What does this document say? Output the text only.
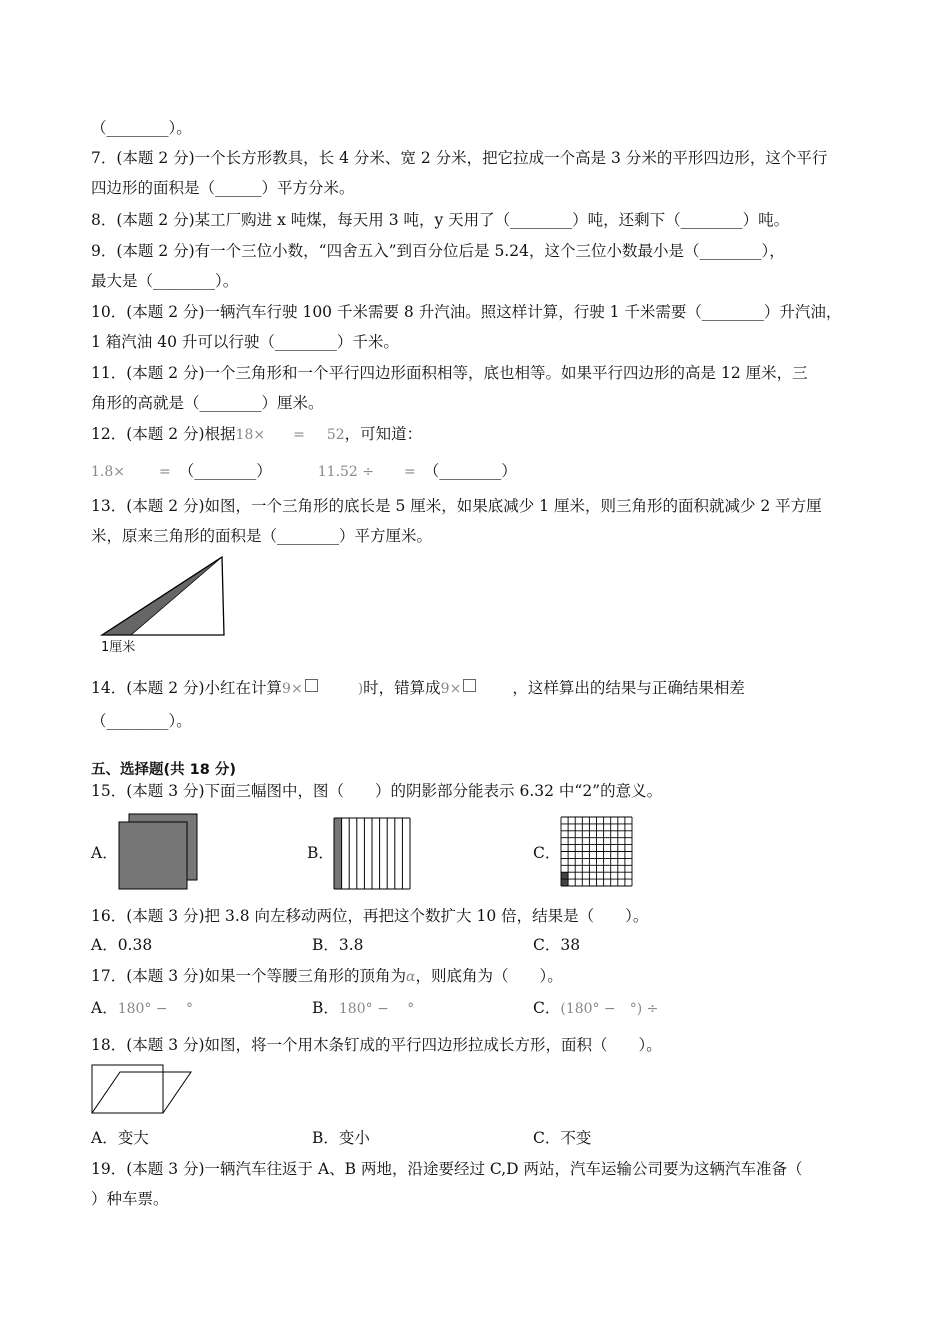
（________）。
7．(本题 2 分)一个长方形教具，长 4 分米、宽 2 分米，把它拉成一个高是 3 分米的平形四边形，这个平行
四边形的面积是（______）平方分米。
8．(本题 2 分)某工厂购进 x 吨煤，每天用 3 吨，y 天用了（________）吨，还剩下（________）吨。
9．(本题 2 分)有一个三位小数，“四舍五入”到百分位后是 5.24，这个三位小数最小是（________），
最大是（________）。
10．(本题 2 分)一辆汽车行驶 100 千米需要 8 升汽油。照这样计算，行驶 1 千米需要（________）升汽油，
1 箱汽油 40 升可以行驶（________）千米。
11．(本题 2 分)一个三角形和一个平行四边形面积相等，底也相等。如果平行四边形的高是 12 厘米，三
角形的高就是（________）厘米。
12．(本题 2 分)根据18× = 52，可知道：
1.8× = （________）	11.52 ÷ = （________）
13．(本题 2 分)如图，一个三角形的底长是 5 厘米，如果底减少 1 厘米，则三角形的面积就减少 2 平方厘
米，原来三角形的面积是（________）平方厘米。
1厘米
14．(本题 2 分)小红在计算9×	)时，错算成9×	，这样算出的结果与正确结果相差
（________）。
五、选择题(共 18 分)
15．(本题 3 分)下面三幅图中，图（　　）的阴影部分能表示 6.32 中“2”的意义。
A．	B．	C．
16．(本题 3 分)把 3.8 向左移动两位，再把这个数扩大 10 倍，结果是（　　）。
A．0.38	B．3.8	C．38
17．(本题 3 分)如果一个等腰三角形的顶角为α，则底角为（　　）。
A．180° −　 °	B．180° −　 °	C．(180° −　°) ÷
18．(本题 3 分)如图，将一个用木条钉成的平行四边形拉成长方形，面积（　　）。
A．变大	B．变小	C．不变
19．(本题 3 分)一辆汽车往返于 A、B 两地，沿途要经过 C,D 两站，汽车运输公司要为这辆汽车准备（
）种车票。
